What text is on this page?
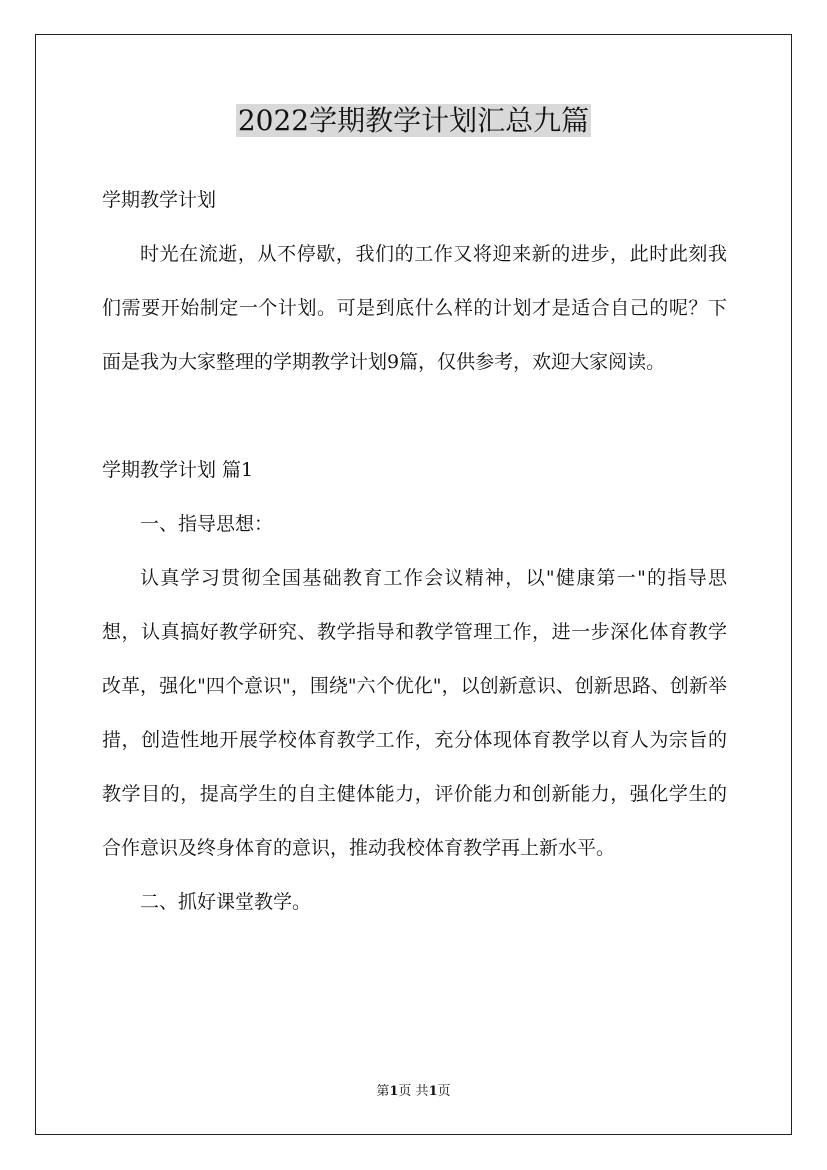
2022学期教学计划汇总九篇

学期教学计划

时光在流逝，从不停歇，我们的工作又将迎来新的进步，此时此刻我们需要开始制定一个计划。可是到底什么样的计划才是适合自己的呢？下面是我为大家整理的学期教学计划9篇，仅供参考，欢迎大家阅读。

学期教学计划 篇1

一、指导思想：

认真学习贯彻全国基础教育工作会议精神，以"健康第一"的指导思想，认真搞好教学研究、教学指导和教学管理工作，进一步深化体育教学改革，强化"四个意识"，围绕"六个优化"，以创新意识、创新思路、创新举措，创造性地开展学校体育教学工作，充分体现体育教学以育人为宗旨的教学目的，提高学生的自主健体能力，评价能力和创新能力，强化学生的合作意识及终身体育的意识，推动我校体育教学再上新水平。

二、抓好课堂教学。

第1页 共1页
